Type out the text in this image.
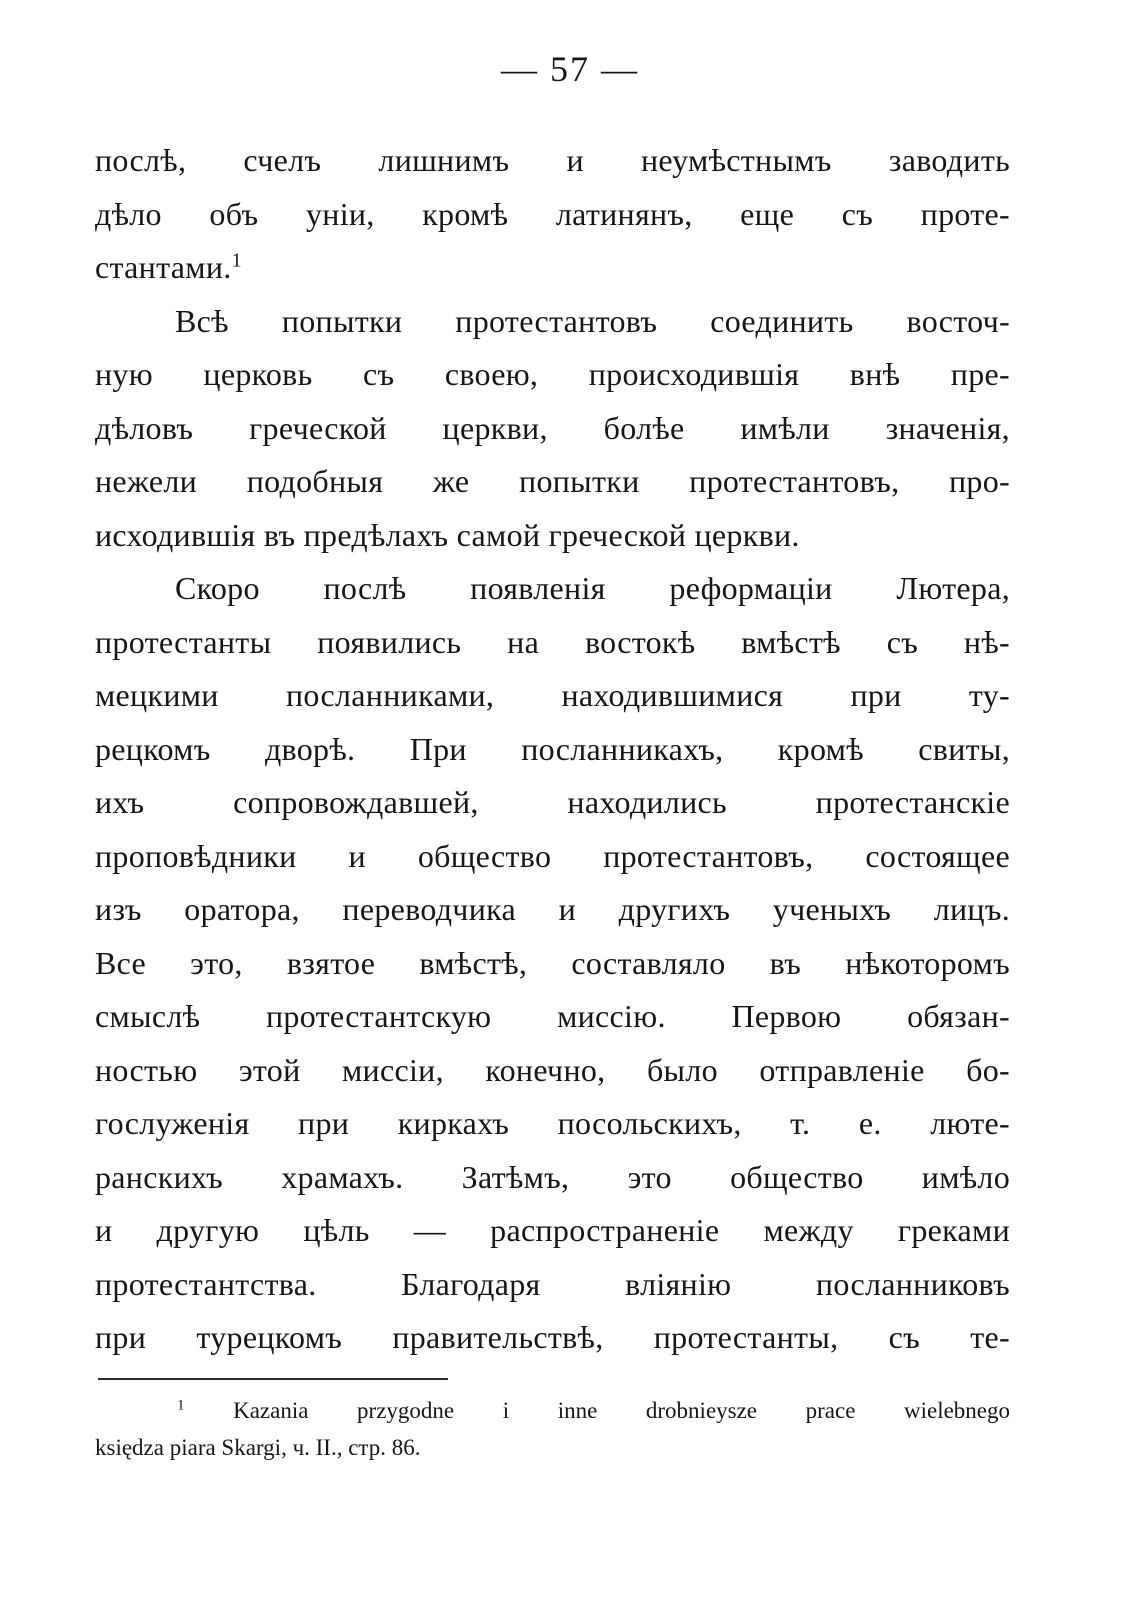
— 57 —
послѣ, счелъ лишнимъ и неумѣстнымъ заводить
дѣло объ уніи, кромѣ латинянъ, еще съ проте-
стантами.$^1$
Всѣ попытки протестантовъ соединить восточ-
ную церковь съ своею, происходившія внѣ пре-
дѣловъ греческой церкви, болѣе имѣли значенія,
нежели подобныя же попытки протестантовъ, про-
исходившія въ предѣлахъ самой греческой церкви.
Скоро послѣ появленія реформаціи Лютера,
протестанты появились на востокѣ вмѣстѣ съ нѣ-
мецкими посланниками, находившимися при ту-
рецкомъ дворѣ. При посланникахъ, кромѣ свиты,
ихъ сопровождавшей, находились протестанскіе
проповѣдники и общество протестантовъ, состоящее
изъ оратора, переводчика и другихъ ученыхъ лицъ.
Все это, взятое вмѣстѣ, составляло въ нѣкоторомъ
смыслѣ протестантскую миссію. Первою обязан-
ностью этой миссіи, конечно, было отправленіе бо-
гослуженія при киркахъ посольскихъ, т. е. люте-
ранскихъ храмахъ. Затѣмъ, это общество имѣло
и другую цѣль — распространеніе между греками
протестантства. Благодаря вліянію посланниковъ
при турецкомъ правительствѣ, протестанты, съ те-
$^1$ Kazania przygodne i inne drobnieysze prace wielebnego
księdza piara Skargi, ч. II., стр. 86.
